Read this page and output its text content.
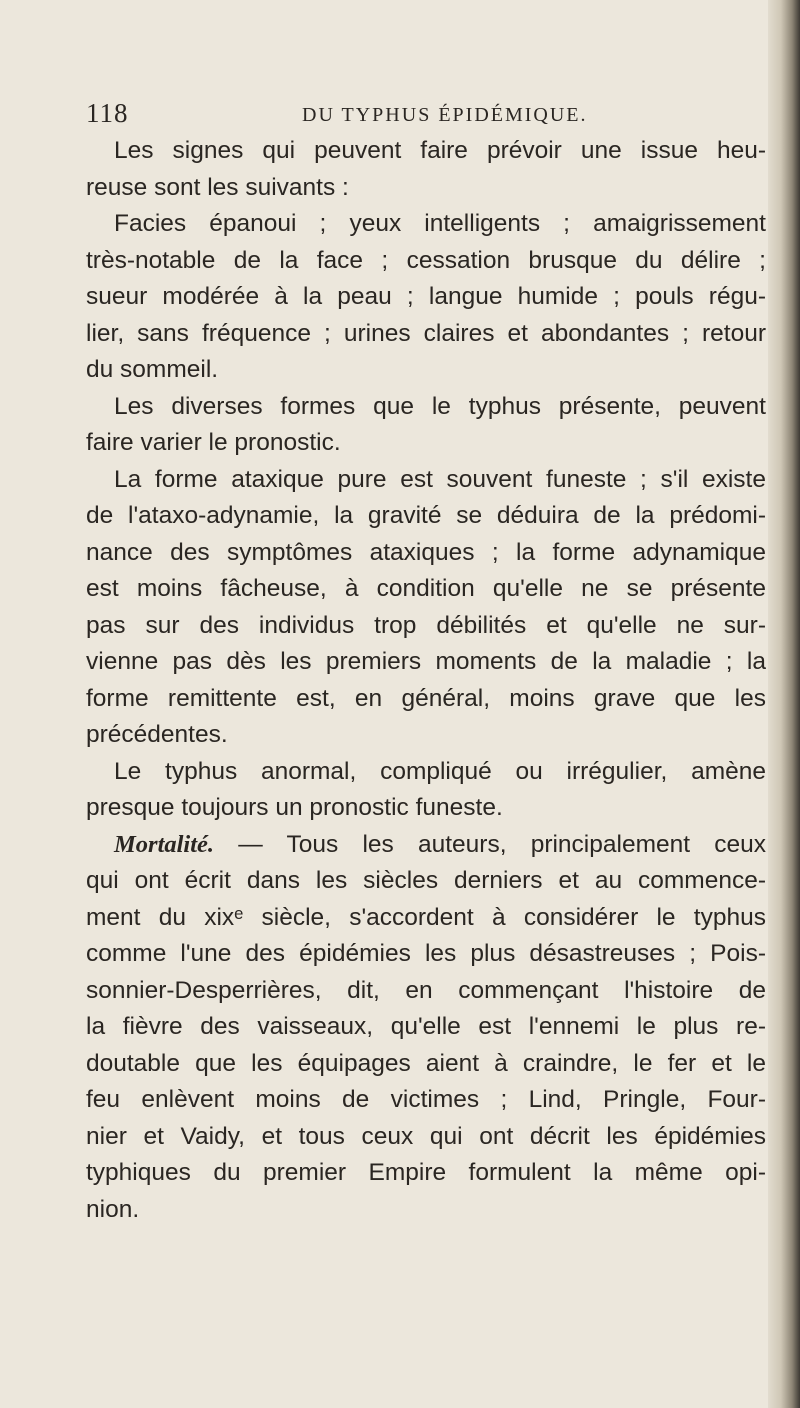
118	DU TYPHUS ÉPIDÉMIQUE.
Les signes qui peuvent faire prévoir une issue heu-
reuse sont les suivants :
Facies épanoui ; yeux intelligents ; amaigrissement
très-notable de la face ; cessation brusque du délire ;
sueur modérée à la peau ; langue humide ; pouls régu-
lier, sans fréquence ; urines claires et abondantes ; retour
du sommeil.
Les diverses formes que le typhus présente, peuvent
faire varier le pronostic.
La forme ataxique pure est souvent funeste ; s'il existe
de l'ataxo-adynamie, la gravité se déduira de la prédomi-
nance des symptômes ataxiques ; la forme adynamique
est moins fâcheuse, à condition qu'elle ne se présente
pas sur des individus trop débilités et qu'elle ne sur-
vienne pas dès les premiers moments de la maladie ; la
forme remittente est, en général, moins grave que les
précédentes.
Le typhus anormal, compliqué ou irrégulier, amène
presque toujours un pronostic funeste.
Mortalité. — Tous les auteurs, principalement ceux
qui ont écrit dans les siècles derniers et au commence-
ment du xixᵉ siècle, s'accordent à considérer le typhus
comme l'une des épidémies les plus désastreuses ; Pois-
sonnier-Desperrières, dit, en commençant l'histoire de
la fièvre des vaisseaux, qu'elle est l'ennemi le plus re-
doutable que les équipages aient à craindre, le fer et le
feu enlèvent moins de victimes ; Lind, Pringle, Four-
nier et Vaidy, et tous ceux qui ont décrit les épidémies
typhiques du premier Empire formulent la même opi-
nion.
